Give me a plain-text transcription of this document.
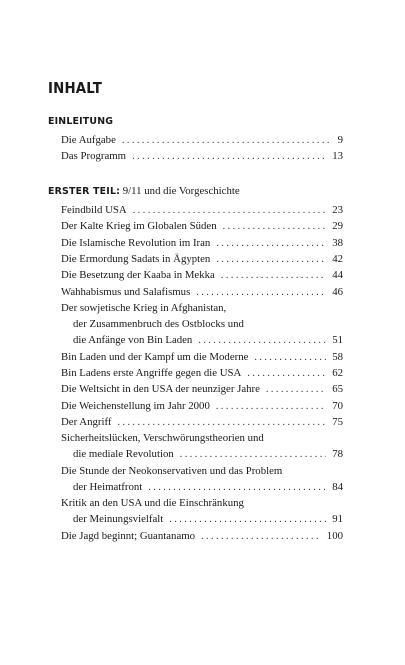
INHALT
EINLEITUNG
Die Aufgabe . . .	9
Das Programm . . .	13
ERSTER TEIL: 9/11 und die Vorgeschichte
Feindbild USA . . .	23
Der Kalte Krieg im Globalen Süden . . .	29
Die Islamische Revolution im Iran . . .	38
Die Ermordung Sadats in Ägypten . . .	42
Die Besetzung der Kaaba in Mekka . . .	44
Wahhabismus und Salafismus . . .	46
Der sowjetische Krieg in Afghanistan,
der Zusammenbruch des Ostblocks und
die Anfänge von Bin Laden . . .	51
Bin Laden und der Kampf um die Moderne . . .	58
Bin Ladens erste Angriffe gegen die USA . . .	62
Die Weltsicht in den USA der neunziger Jahre . . .	65
Die Weichenstellung im Jahr 2000 . . .	70
Der Angriff . . .	75
Sicherheitslücken, Verschwörungstheorien und
die mediale Revolution . . .	78
Die Stunde der Neokonservativen und das Problem
der Heimatfront . . .	84
Kritik an den USA und die Einschränkung
der Meinungsvielfalt . . .	91
Die Jagd beginnt; Guantanamo . . .	100
